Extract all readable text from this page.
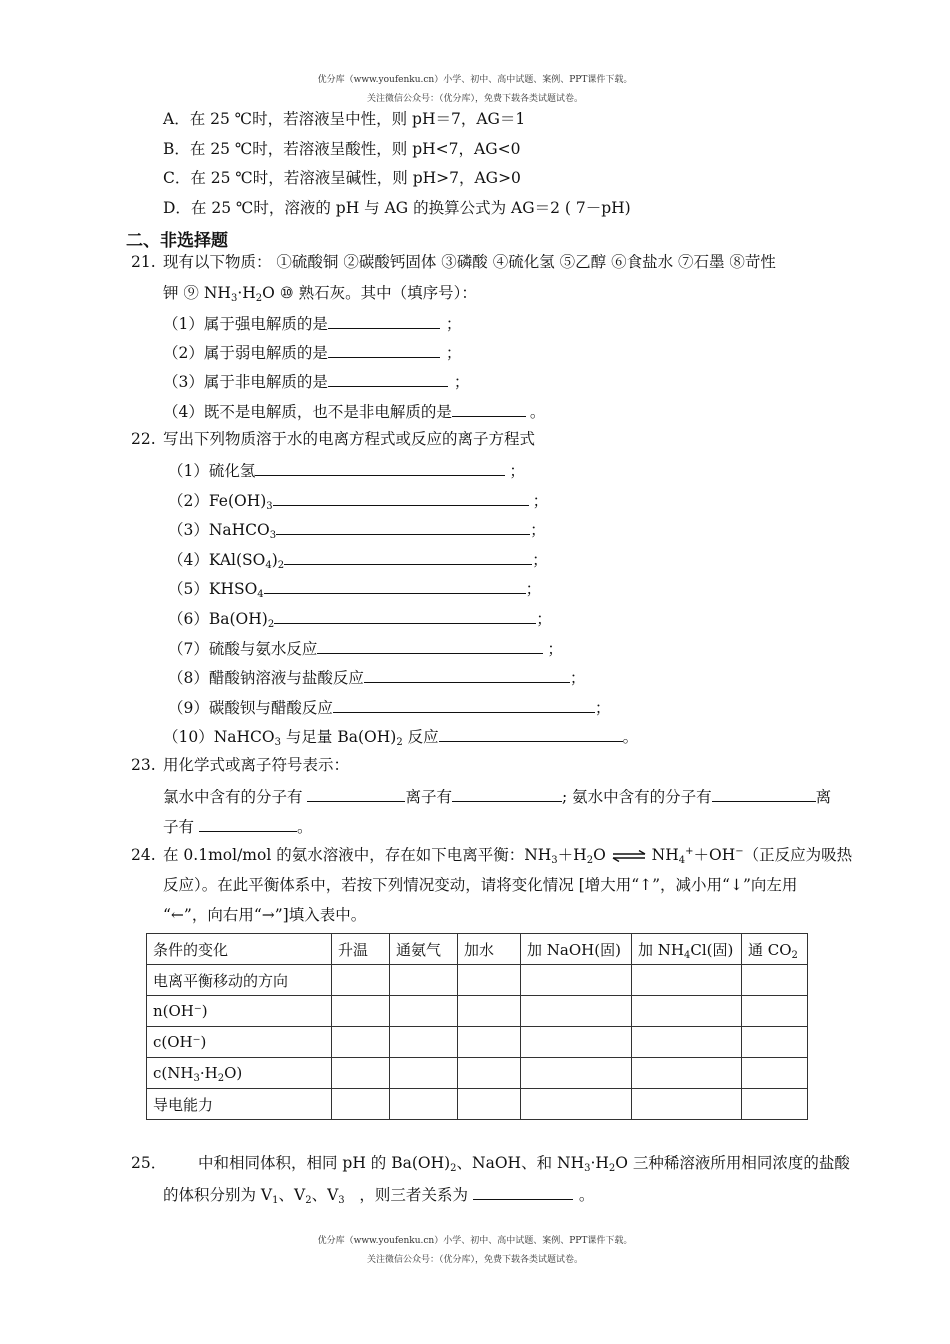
优分库（www.youfenku.cn）小学、初中、高中试题、案例、PPT课件下载。
关注微信公众号：（优分库），免费下载各类试题试卷。
A．在 25 ℃时，若溶液呈中性，则 pH＝7，AG＝1
B．在 25 ℃时，若溶液呈酸性，则 pH<7，AG<0
C．在 25 ℃时，若溶液呈碱性，则 pH>7，AG>0
D．在 25 ℃时，溶液的 pH 与 AG 的换算公式为 AG＝2 ( 7－pH)
二、非选择题
21. 现有以下物质： ①硫酸铜 ②碳酸钙固体 ③磷酸 ④硫化氢 ⑤乙醇 ⑥食盐水 ⑦石墨 ⑧苛性
钾 ⑨ $NH_3\cdot H_2O$ ⑩ 熟石灰。其中（填序号）：
（1）属于强电解质的是	；
（2）属于弱电解质的是	；
（3）属于非电解质的是	；
（4）既不是电解质，也不是非电解质的是	。
22. 写出下列物质溶于水的电离方程式或反应的离子方程式
（1）硫化氢	；
$(2)Fe(OH)_3$	；
（3）NaHCO$_3$	；
$(4)KAl(SO_4)_2$	；
$(5)KHSO_4$	；
$(6)Ba(OH)_2$	；
（7）硫酸与氨水反应	；
（8）醋酸钠溶液与盐酸反应	；
（9）碳酸钡与醋酸反应	；
（10）NaHCO$_3$ 与足量 $Ba(OH)_2$ 反应	。
23. 用化学式或离子符号表示：
氯水中含有的分子有	离子有	; 氨水中含有的分子有	离
子有	。
24. 在 0.1mol/mol 的氨水溶液中，存在如下电离平衡：$NH_3+H_2O$ ⇌ $NH_4^++OH^-$（正反应为吸热
反应）。在此平衡体系中，若按下列情况变动，请将变化情况 [增大用“↑”，减小用“↓”向左用
“←”，向右用“→”]填入表中。
条件的变化	升温	通氨气	加水	加 NaOH(固)	加 $NH_4Cl$(固)	通 $CO_2$
电离平衡移动的方向						
n(OH⁻)						
c(OH⁻)						
$c(NH_3\cdot H_2O)$						
导电能力						
25． 中和相同体积，相同 pH 的 $Ba(OH)_2$、NaOH、和 $NH_3\cdot H_2O$ 三种稀溶液所用相同浓度的盐酸
的体积分别为 $V_1$、$V_2$、$V_3$   ，则三者关系为	。
优分库（www.youfenku.cn）小学、初中、高中试题、案例、PPT课件下载。
关注微信公众号：（优分库），免费下载各类试题试卷。
